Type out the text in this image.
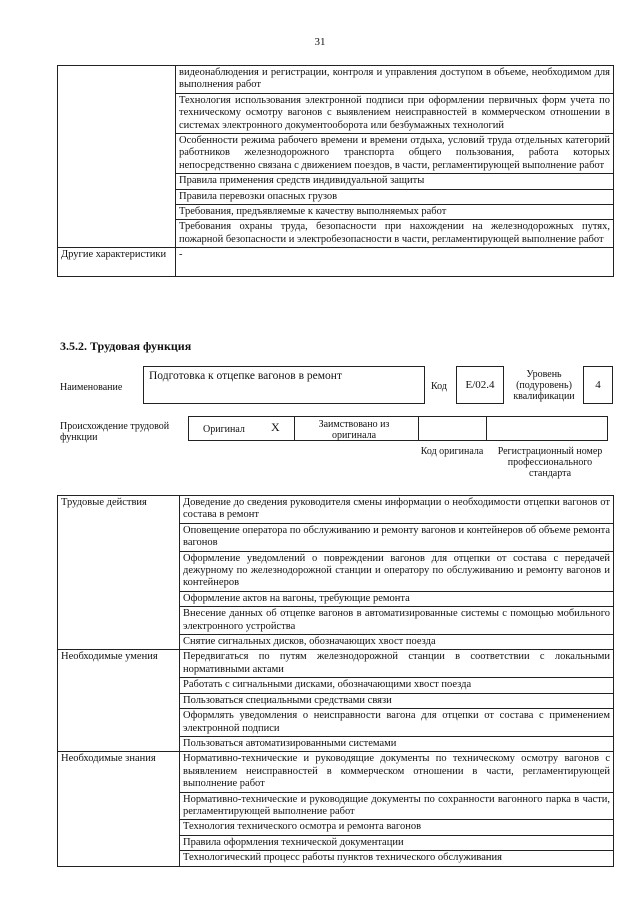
31
	видеонаблюдения и регистрации, контроля и управления доступом в объеме, необходимом для выполнения работ
	Технология использования электронной подписи при оформлении первичных форм учета по техническому осмотру вагонов с выявлением неисправностей в коммерческом отношении в системах электронного документооборота или безбумажных технологий
	Особенности режима рабочего времени и времени отдыха, условий труда отдельных категорий работников железнодорожного транспорта общего пользования, работа которых непосредственно связана с движением поездов, в части, регламентирующей выполнение работ
	Правила применения средств индивидуальной защиты
	Правила перевозки опасных грузов
	Требования, предъявляемые к качеству выполняемых работ
	Требования охраны труда, безопасности при нахождении на железнодорожных путях, пожарной безопасности и электробезопасности в части, регламентирующей выполнение работ
Другие характеристики	-
3.5.2. Трудовая функция
Наименование
Подготовка к отцепке вагонов в ремонт
Код	E/02.4
Уровень (подуровень) квалификации
4
Происхождение трудовой функции
Оригинал X	Заимствовано из оригинала
Код оригинала	Регистрационный номер профессионального стандарта
Трудовые действия	Доведение до сведения руководителя смены информации о необходимости отцепки вагонов от состава в ремонт
	Оповещение оператора по обслуживанию и ремонту вагонов и контейнеров об объеме ремонта вагонов
	Оформление уведомлений о повреждении вагонов для отцепки от состава с передачей дежурному по железнодорожной станции и оператору по обслуживанию и ремонту вагонов и контейнеров
	Оформление актов на вагоны, требующие ремонта
	Внесение данных об отцепке вагонов в автоматизированные системы с помощью мобильного электронного устройства
	Снятие сигнальных дисков, обозначающих хвост поезда
Необходимые умения	Передвигаться по путям железнодорожной станции в соответствии с локальными нормативными актами
	Работать с сигнальными дисками, обозначающими хвост поезда
	Пользоваться специальными средствами связи
	Оформлять уведомления о неисправности вагона для отцепки от состава с применением электронной подписи
	Пользоваться автоматизированными системами
Необходимые знания	Нормативно-технические и руководящие документы по техническому осмотру вагонов с выявлением неисправностей в коммерческом отношении в части, регламентирующей выполнение работ
	Нормативно-технические и руководящие документы по сохранности вагонного парка в части, регламентирующей выполнение работ
	Технология технического осмотра и ремонта вагонов
	Правила оформления технической документации
	Технологический процесс работы пунктов технического обслуживания
